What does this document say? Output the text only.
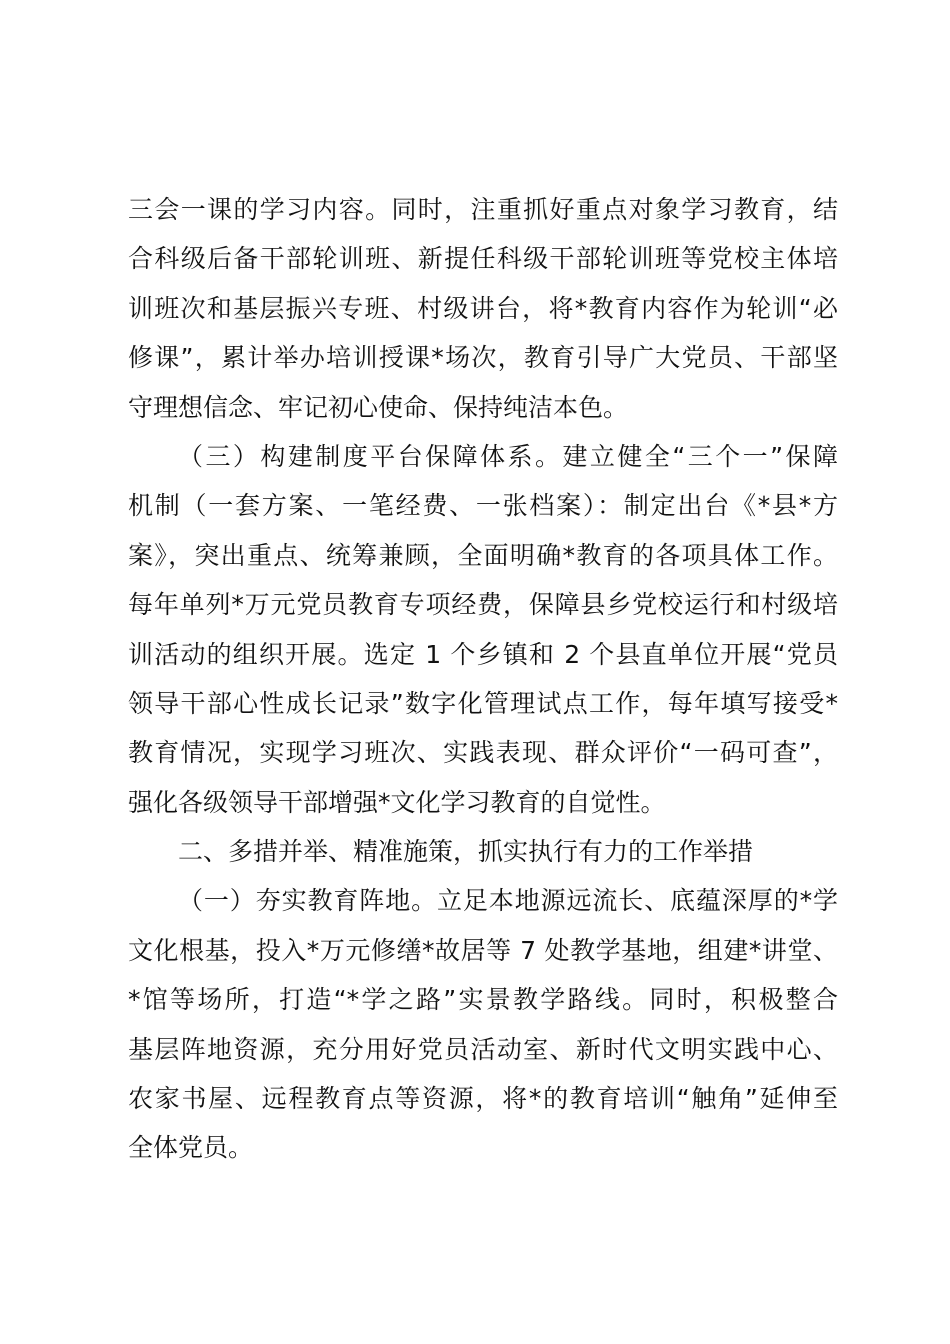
三会一课的学习内容。同时，注重抓好重点对象学习教育，结
合科级后备干部轮训班、新提任科级干部轮训班等党校主体培
训班次和基层振兴专班、村级讲台，将*教育内容作为轮训“必
修课”，累计举办培训授课*场次，教育引导广大党员、干部坚
守理想信念、牢记初心使命、保持纯洁本色。
（三）构建制度平台保障体系。建立健全“三个一”保障
机制（一套方案、一笔经费、一张档案）：制定出台《*县*方
案》，突出重点、统筹兼顾，全面明确*教育的各项具体工作。
每年单列*万元党员教育专项经费，保障县乡党校运行和村级培
训活动的组织开展。选定 1 个乡镇和 2 个县直单位开展“党员
领导干部心性成长记录”数字化管理试点工作，每年填写接受*
教育情况，实现学习班次、实践表现、群众评价“一码可查”，
强化各级领导干部增强*文化学习教育的自觉性。
二、多措并举、精准施策，抓实执行有力的工作举措
（一）夯实教育阵地。立足本地源远流长、底蕴深厚的*学
文化根基，投入*万元修缮*故居等 7 处教学基地，组建*讲堂、
*馆等场所，打造“*学之路”实景教学路线。同时，积极整合
基层阵地资源，充分用好党员活动室、新时代文明实践中心、
农家书屋、远程教育点等资源，将*的教育培训“触角”延伸至
全体党员。
